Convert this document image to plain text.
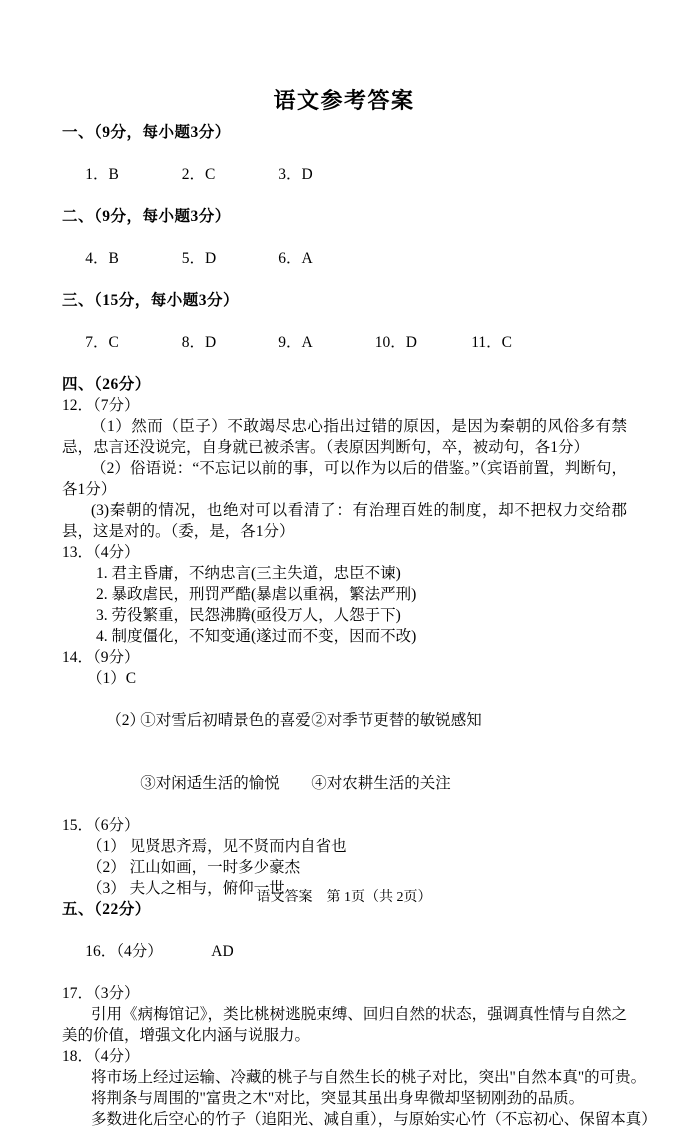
语文参考答案
一、（9分，每小题3分）

1．B	2．C	3．D

二、（9分，每小题3分）

4．B	5．D	6．A

三、（15分，每小题3分）

7．C	8．D	9．A	10．D	11．C

四、（26分）
12．（7分）
（1）然而（臣子）不敢竭尽忠心指出过错的原因，是因为秦朝的风俗多有禁忌，忠言还没说完，自身就已被杀害。（表原因判断句，卒，被动句，各1分）
（2）俗语说：“不忘记以前的事，可以作为以后的借鉴。”（宾语前置，判断句，各1分）
(3)秦朝的情况，也绝对可以看清了：有治理百姓的制度，却不把权力交给郡县，这是对的。（委，是，各1分）
13．（4分）
1. 君主昏庸，不纳忠言(三主失道，忠臣不谏)
2. 暴政虐民，刑罚严酷(暴虐以重祸，繁法严刑)
3. 劳役繁重，民怨沸腾(亟役万人，人怨于下)
4. 制度僵化，不知变通(遂过而不变，因而不改)
14．（9分）
（1）C

（2）①对雪后初晴景色的喜爱②对季节更替的敏锐感知

③对闲适生活的愉悦 ④对农耕生活的关注

15．（6分）
（1） 见贤思齐焉，见不贤而内自省也
（2） 江山如画，一时多少豪杰
（3） 夫人之相与，俯仰一世
五、（22分）

16．（4分）	AD

17．（3分）
引用《病梅馆记》，类比桃树逃脱束缚、回归自然的状态，强调真性情与自然之美的价值，增强文化内涵与说服力。
18．（4分）
将市场上经过运输、冷藏的桃子与自然生长的桃子对比，突出"自然本真"的可贵。
将荆条与周围的"富贵之木"对比，突显其虽出身卑微却坚韧刚劲的品质。
多数进化后空心的竹子（追阳光、减自重），与原始实心竹（不忘初心、保留本真）
语文答案　第 1页（共 2页）
